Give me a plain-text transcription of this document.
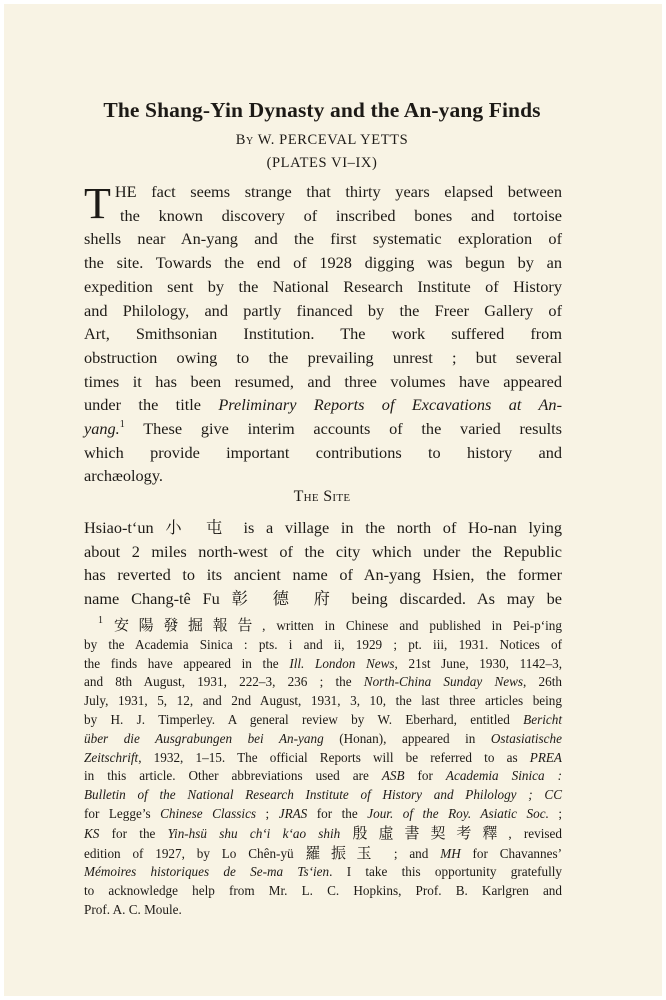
The Shang-Yin Dynasty and the An-yang Finds
By W. PERCEVAL YETTS
(PLATES VI–IX)

T HE fact seems strange that thirty years elapsed between
the known discovery of inscribed bones and tortoise
shells near An-yang and the first systematic exploration of
the site. Towards the end of 1928 digging was begun by an
expedition sent by the National Research Institute of History
and Philology, and partly financed by the Freer Gallery of
Art, Smithsonian Institution. The work suffered from
obstruction owing to the prevailing unrest ; but several
times it has been resumed, and three volumes have appeared
under the title Preliminary Reports of Excavations at An-
yang.$^1$ These give interim accounts of the varied results
which provide important contributions to history and
archæology.

The Site

Hsiao-t‘un 小 屯 is a village in the north of Ho-nan lying
about 2 miles north-west of the city which under the Republic
has reverted to its ancient name of An-yang Hsien, the former
name Chang-tê Fu 彰 德 府 being discarded. As may be

$^1$ 安陽發掘報告, written in Chinese and published in Pei-p‘ing
by the Academia Sinica : pts. i and ii, 1929 ; pt. iii, 1931. Notices of
the finds have appeared in the Ill. London News, 21st June, 1930, 1142–3,
and 8th August, 1931, 222–3, 236 ; the North-China Sunday News, 26th
July, 1931, 5, 12, and 2nd August, 1931, 3, 10, the last three articles being
by H. J. Timperley. A general review by W. Eberhard, entitled Bericht
über die Ausgrabungen bei An-yang (Honan), appeared in Ostasiatische
Zeitschrift, 1932, 1–15. The official Reports will be referred to as PREA
in this article. Other abbreviations used are ASB for Academia Sinica :
Bulletin of the National Research Institute of History and Philology ; CC
for Legge’s Chinese Classics ; JRAS for the Jour. of the Roy. Asiatic Soc. ;
KS for the Yin-hsü shu ch‘i k‘ao shih 殷虛書契考釋, revised
edition of 1927, by Lo Chên-yü 羅振玉 ; and MH for Chavannes’
Mémoires historiques de Se-ma Ts‘ien. I take this opportunity gratefully
to acknowledge help from Mr. L. C. Hopkins, Prof. B. Karlgren and
Prof. A. C. Moule.
